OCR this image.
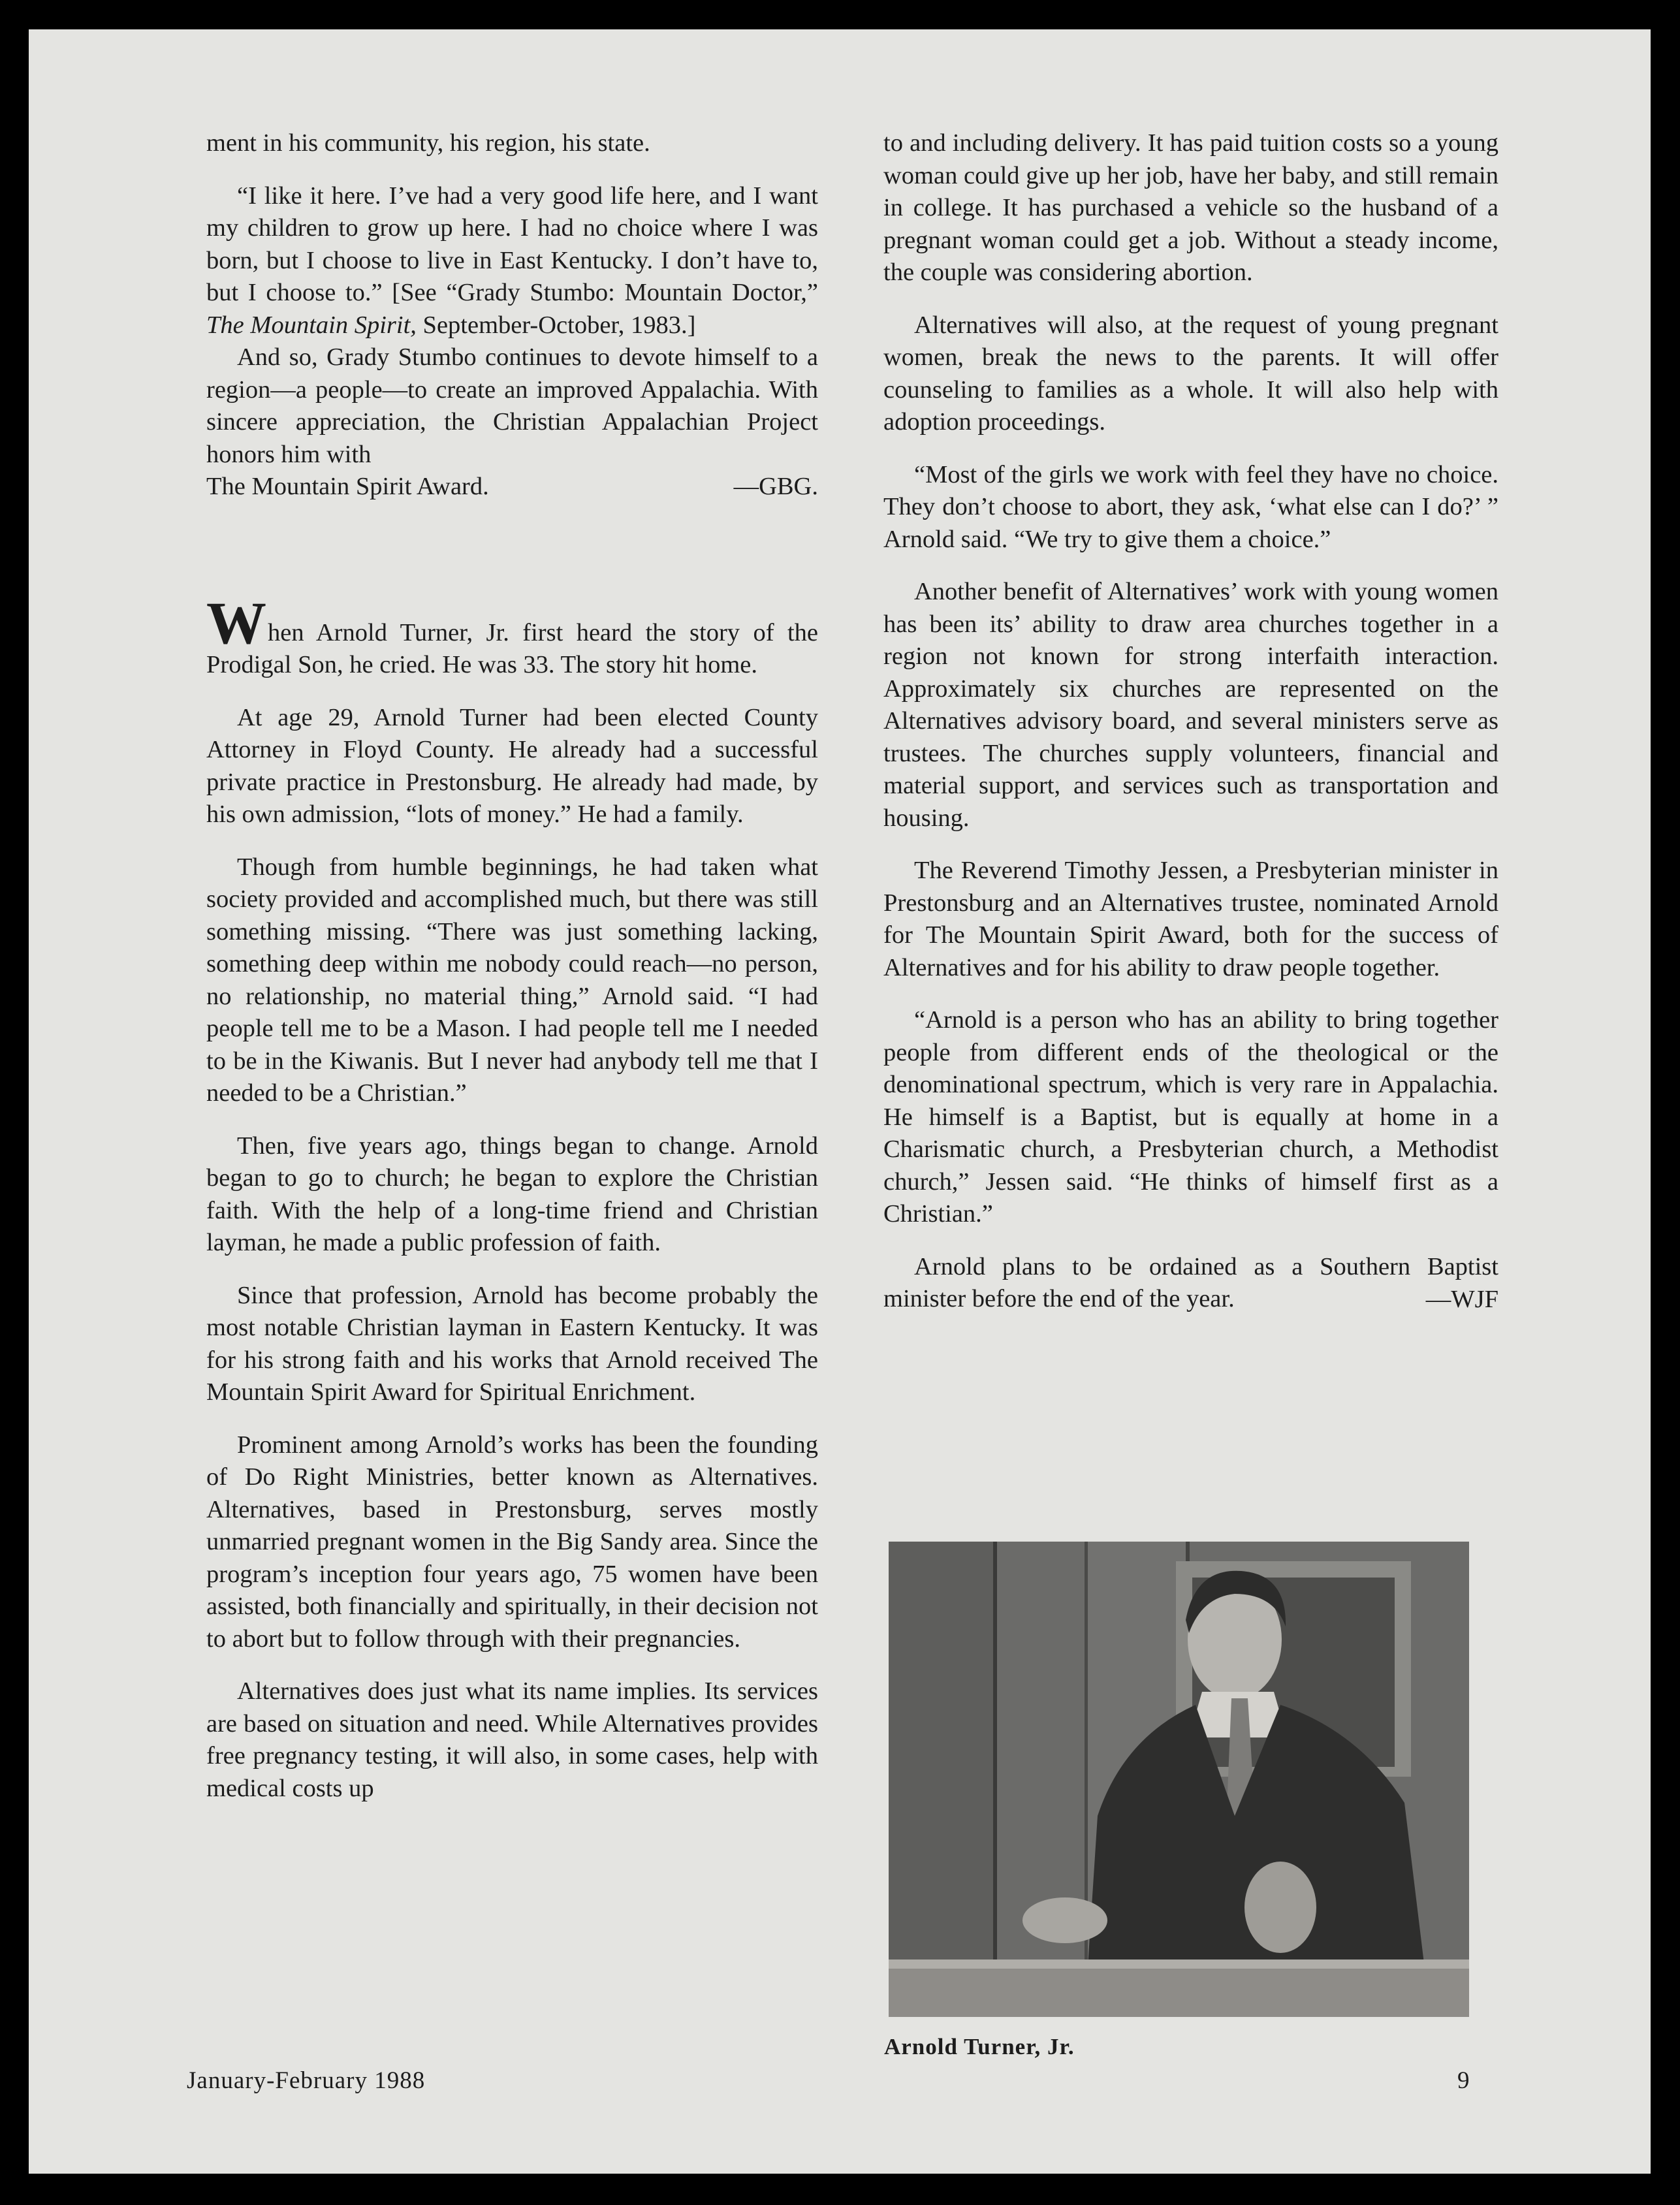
ment in his community, his region, his state.

“I like it here. I’ve had a very good life here, and I want my children to grow up here. I had no choice where I was born, but I choose to live in East Kentucky. I don’t have to, but I choose to.” [See “Grady Stumbo: Mountain Doctor,” The Mountain Spirit, September-October, 1983.]

And so, Grady Stumbo continues to devote himself to a region—a people—to create an improved Appalachia. With sincere appreciation, the Christian Appalachian Project honors him with

The Mountain Spirit Award.	—GBG.

When Arnold Turner, Jr. first heard the story of the Prodigal Son, he cried. He was 33. The story hit home.

At age 29, Arnold Turner had been elected County Attorney in Floyd County. He already had a successful private practice in Prestonsburg. He already had made, by his own admission, “lots of money.” He had a family.

Though from humble beginnings, he had taken what society provided and accomplished much, but there was still something missing. “There was just something lacking, something deep within me nobody could reach—no person, no relationship, no material thing,” Arnold said. “I had people tell me to be a Mason. I had people tell me I needed to be in the Kiwanis. But I never had anybody tell me that I needed to be a Christian.”

Then, five years ago, things began to change. Arnold began to go to church; he began to explore the Christian faith. With the help of a long-time friend and Christian layman, he made a public profession of faith.

Since that profession, Arnold has become probably the most notable Christian layman in Eastern Kentucky. It was for his strong faith and his works that Arnold received The Mountain Spirit Award for Spiritual Enrichment.

Prominent among Arnold’s works has been the founding of Do Right Ministries, better known as Alternatives. Alternatives, based in Prestonsburg, serves mostly unmarried pregnant women in the Big Sandy area. Since the program’s inception four years ago, 75 women have been assisted, both financially and spiritually, in their decision not to abort but to follow through with their pregnancies.

Alternatives does just what its name implies. Its services are based on situation and need. While Alternatives provides free pregnancy testing, it will also, in some cases, help with medical costs up

to and including delivery. It has paid tuition costs so a young woman could give up her job, have her baby, and still remain in college. It has purchased a vehicle so the husband of a pregnant woman could get a job. Without a steady income, the couple was considering abortion.

Alternatives will also, at the request of young pregnant women, break the news to the parents. It will offer counseling to families as a whole. It will also help with adoption proceedings.

“Most of the girls we work with feel they have no choice. They don’t choose to abort, they ask, ‘what else can I do?’ ” Arnold said. “We try to give them a choice.”

Another benefit of Alternatives’ work with young women has been its’ ability to draw area churches together in a region not known for strong interfaith interaction. Approximately six churches are represented on the Alternatives advisory board, and several ministers serve as trustees. The churches supply volunteers, financial and material support, and services such as transportation and housing.

The Reverend Timothy Jessen, a Presbyterian minister in Prestonsburg and an Alternatives trustee, nominated Arnold for The Mountain Spirit Award, both for the success of Alternatives and for his ability to draw people together.

“Arnold is a person who has an ability to bring together people from different ends of the theological or the denominational spectrum, which is very rare in Appalachia. He himself is a Baptist, but is equally at home in a Charismatic church, a Presbyterian church, a Methodist church,” Jessen said. “He thinks of himself first as a Christian.”

Arnold plans to be ordained as a Southern Baptist minister before the end of the year.	—WJF

Arnold Turner, Jr.
January-February 1988	9
